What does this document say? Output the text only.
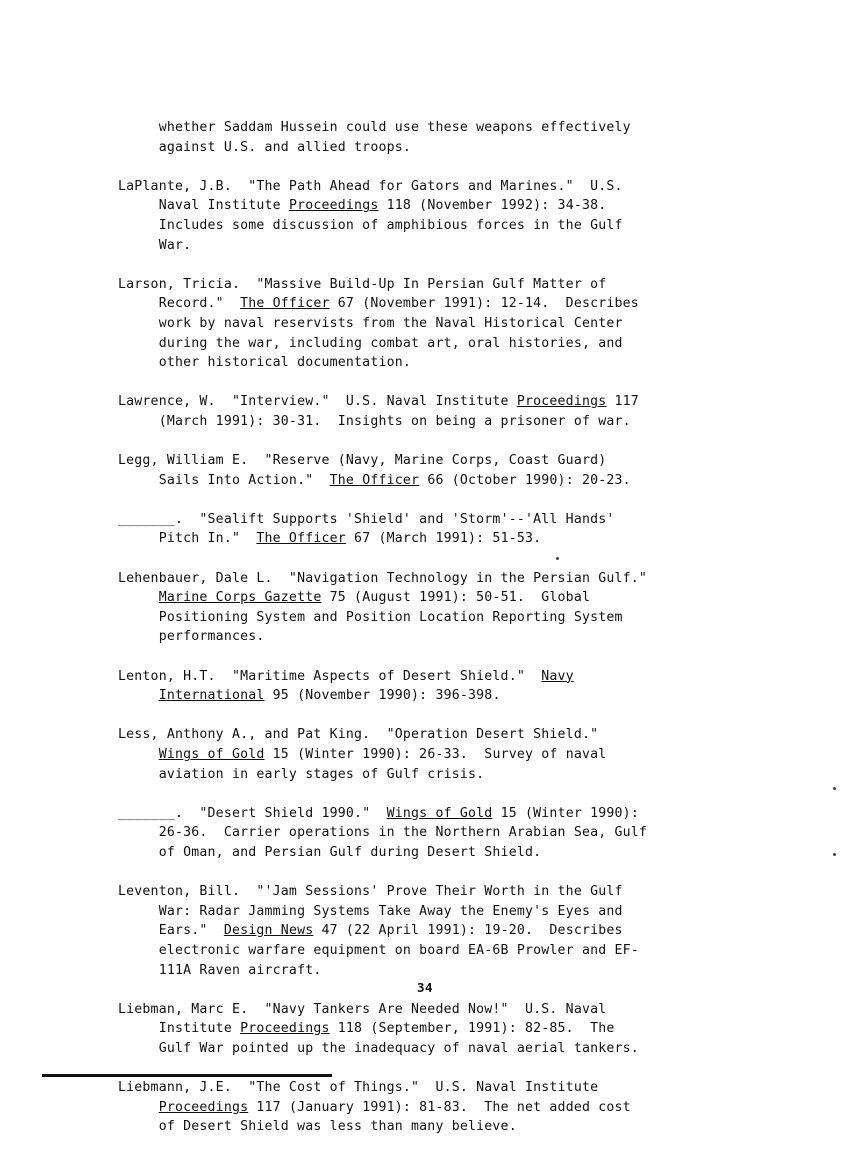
whether Saddam Hussein could use these weapons effectively
against U.S. and allied troops.
LaPlante, J.B.  "The Path Ahead for Gators and Marines."  U.S.
Naval Institute Proceedings 118 (November 1992): 34-38.
Includes some discussion of amphibious forces in the Gulf
War.
Larson, Tricia.  "Massive Build-Up In Persian Gulf Matter of
Record."  The Officer 67 (November 1991): 12-14.  Describes
work by naval reservists from the Naval Historical Center
during the war, including combat art, oral histories, and
other historical documentation.
Lawrence, W.  "Interview."  U.S. Naval Institute Proceedings 117
(March 1991): 30-31.  Insights on being a prisoner of war.
Legg, William E.  "Reserve (Navy, Marine Corps, Coast Guard)
Sails Into Action."  The Officer 66 (October 1990): 20-23.
_______.  "Sealift Supports 'Shield' and 'Storm'--'All Hands'
Pitch In."  The Officer 67 (March 1991): 51-53.
Lehenbauer, Dale L.  "Navigation Technology in the Persian Gulf."
Marine Corps Gazette 75 (August 1991): 50-51.  Global
Positioning System and Position Location Reporting System
performances.
Lenton, H.T.  "Maritime Aspects of Desert Shield."  Navy
International 95 (November 1990): 396-398.
Less, Anthony A., and Pat King.  "Operation Desert Shield."
Wings of Gold 15 (Winter 1990): 26-33.  Survey of naval
aviation in early stages of Gulf crisis.
_______.  "Desert Shield 1990."  Wings of Gold 15 (Winter 1990):
26-36.  Carrier operations in the Northern Arabian Sea, Gulf
of Oman, and Persian Gulf during Desert Shield.
Leventon, Bill.  "'Jam Sessions' Prove Their Worth in the Gulf
War: Radar Jamming Systems Take Away the Enemy's Eyes and
Ears."  Design News 47 (22 April 1991): 19-20.  Describes
electronic warfare equipment on board EA-6B Prowler and EF-
111A Raven aircraft.
Liebman, Marc E.  "Navy Tankers Are Needed Now!"  U.S. Naval
Institute Proceedings 118 (September, 1991): 82-85.  The
Gulf War pointed up the inadequacy of naval aerial tankers.
Liebmann, J.E.  "The Cost of Things."  U.S. Naval Institute
Proceedings 117 (January 1991): 81-83.  The net added cost
of Desert Shield was less than many believe.
34
